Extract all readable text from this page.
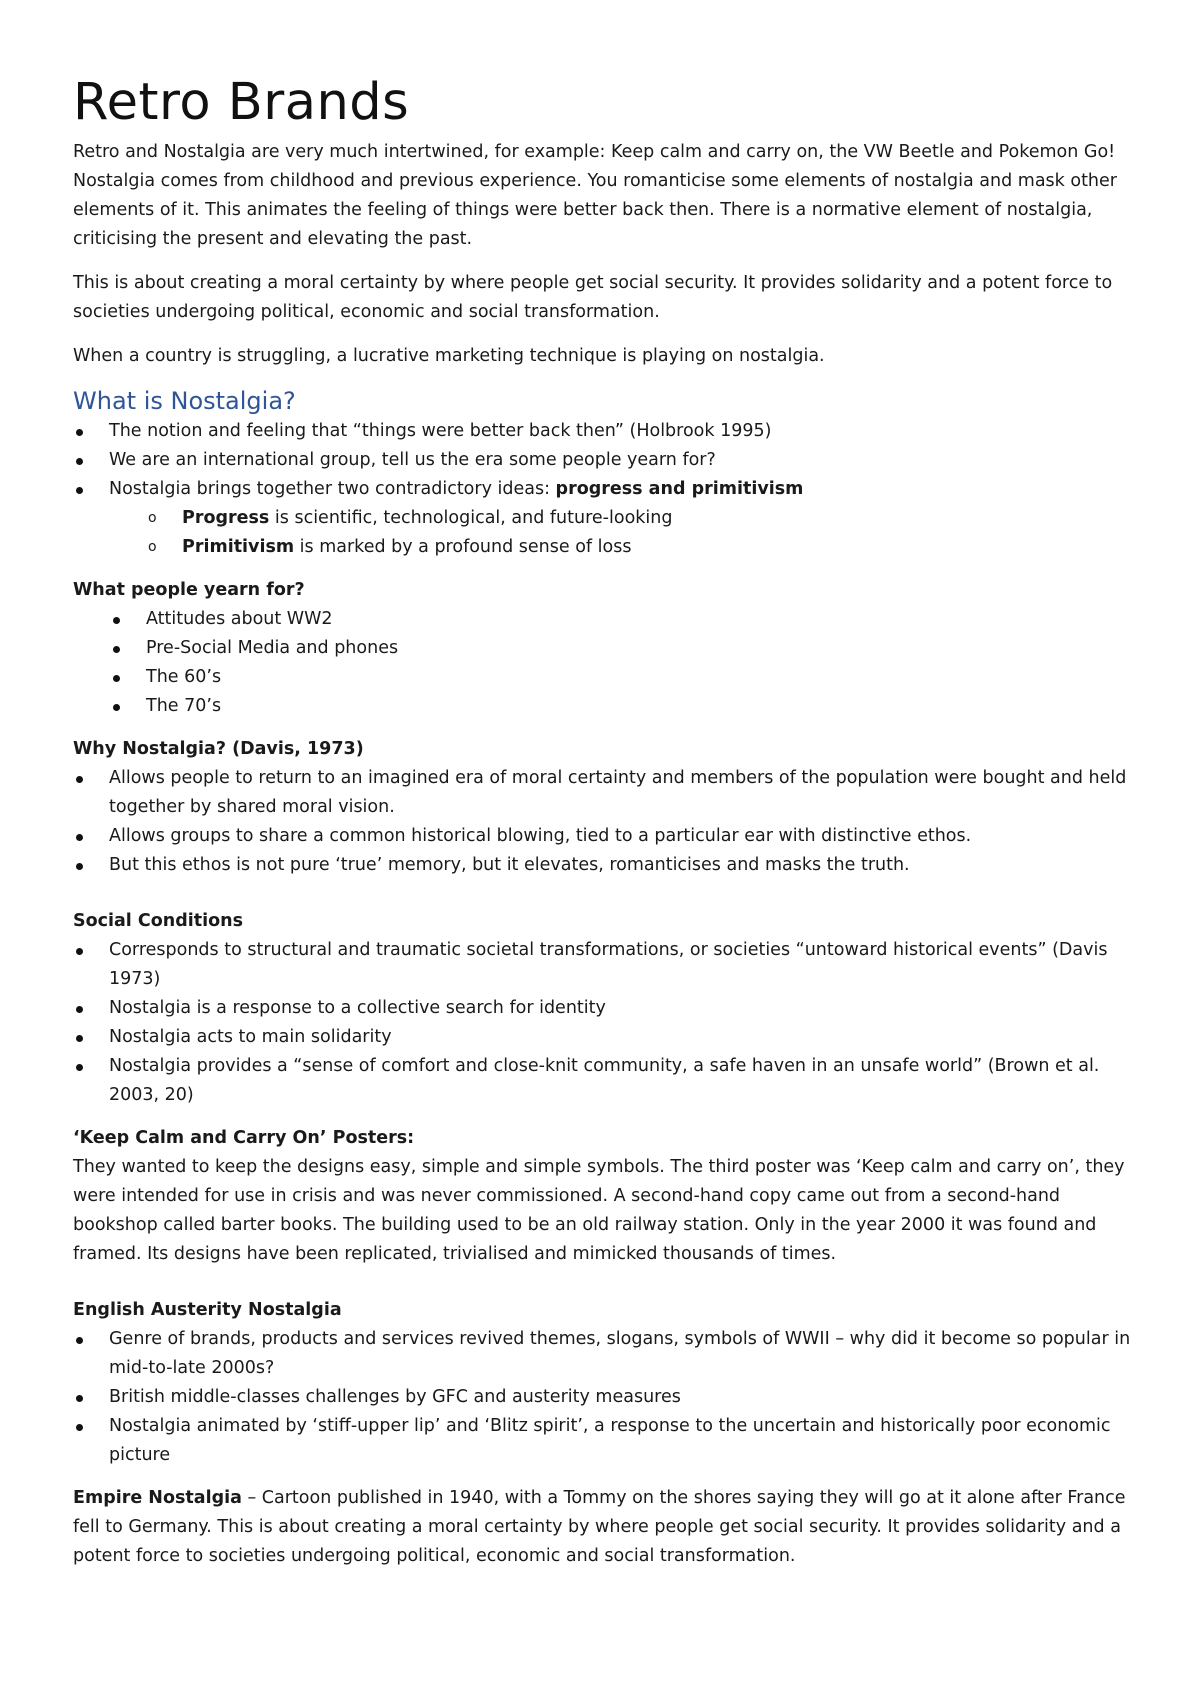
Retro Brands

Retro and Nostalgia are very much intertwined, for example: Keep calm and carry on, the VW Beetle and Pokemon Go! Nostalgia comes from childhood and previous experience. You romanticise some elements of nostalgia and mask other elements of it. This animates the feeling of things were better back then. There is a normative element of nostalgia, criticising the present and elevating the past.

This is about creating a moral certainty by where people get social security. It provides solidarity and a potent force to societies undergoing political, economic and social transformation.

When a country is struggling, a lucrative marketing technique is playing on nostalgia.

What is Nostalgia?
The notion and feeling that “things were better back then” (Holbrook 1995)
We are an international group, tell us the era some people yearn for?
Nostalgia brings together two contradictory ideas: progress and primitivism
o Progress is scientific, technological, and future-looking
o Primitivism is marked by a profound sense of loss
What people yearn for?
Attitudes about WW2
Pre-Social Media and phones
The 60’s
The 70’s
Why Nostalgia? (Davis, 1973)
Allows people to return to an imagined era of moral certainty and members of the population were bought and held together by shared moral vision.
Allows groups to share a common historical blowing, tied to a particular ear with distinctive ethos.
But this ethos is not pure ‘true’ memory, but it elevates, romanticises and masks the truth.
Social Conditions
Corresponds to structural and traumatic societal transformations, or societies “untoward historical events” (Davis 1973)
Nostalgia is a response to a collective search for identity
Nostalgia acts to main solidarity
Nostalgia provides a “sense of comfort and close-knit community, a safe haven in an unsafe world” (Brown et al. 2003, 20)
‘Keep Calm and Carry On’ Posters:

They wanted to keep the designs easy, simple and simple symbols. The third poster was ‘Keep calm and carry on’, they were intended for use in crisis and was never commissioned. A second-hand copy came out from a second-hand bookshop called barter books. The building used to be an old railway station. Only in the year 2000 it was found and framed. Its designs have been replicated, trivialised and mimicked thousands of times.

English Austerity Nostalgia
Genre of brands, products and services revived themes, slogans, symbols of WWII – why did it become so popular in mid-to-late 2000s?
British middle-classes challenges by GFC and austerity measures
Nostalgia animated by ‘stiff-upper lip’ and ‘Blitz spirit’, a response to the uncertain and historically poor economic picture

Empire Nostalgia – Cartoon published in 1940, with a Tommy on the shores saying they will go at it alone after France fell to Germany. This is about creating a moral certainty by where people get social security. It provides solidarity and a potent force to societies undergoing political, economic and social transformation.
